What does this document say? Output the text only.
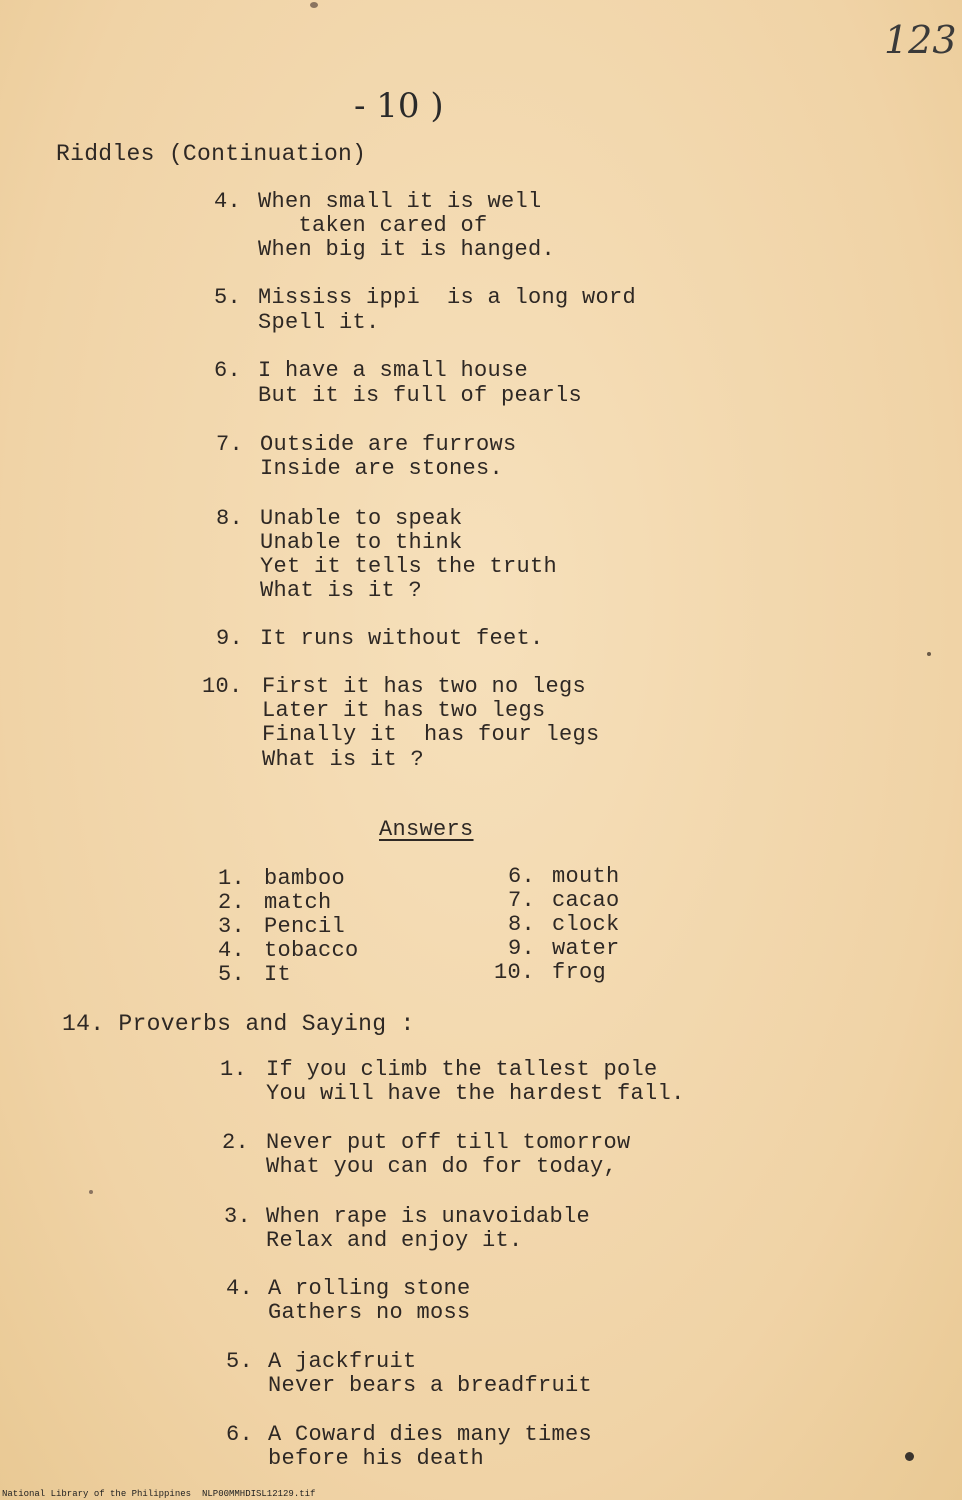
123
- 10 )
Riddles (Continuation)
4. When small it is well
taken cared of
When big it is hanged.
5. Mississ ippi  is a long word
Spell it.
6. I have a small house
But it is full of pearls
7. Outside are furrows
Inside are stones.
8. Unable to speak
Unable to think
Yet it tells the truth
What is it ?
9. It runs without feet.
10. First it has two no legs
Later it has two legs
Finally it  has four legs
What is it ?
Answers
1. bamboo
2. match
3. Pencil
4. tobacco
5. It
6. mouth
7. cacao
8. clock
9. water
10. frog
14. Proverbs and Saying :
1. If you climb the tallest pole
You will have the hardest fall.
2. Never put off till tomorrow
What you can do for today,
3. When rape is unavoidable
Relax and enjoy it.
4. A rolling stone
Gathers no moss
5. A jackfruit
Never bears a breadfruit
6. A Coward dies many times
before his death
National Library of the Philippines NLP00MMHDISL12129.tif
